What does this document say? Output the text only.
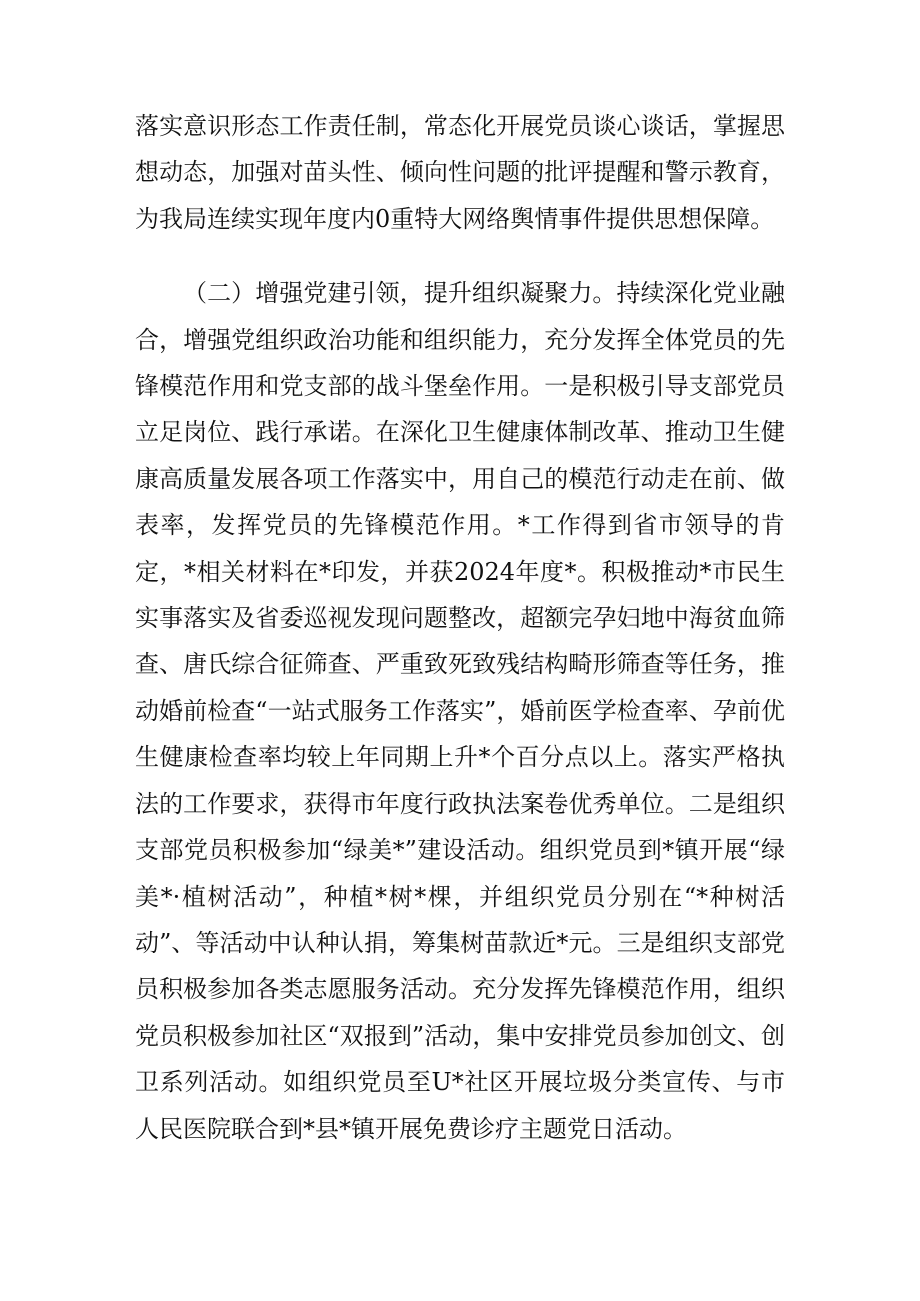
落实意识形态工作责任制，常态化开展党员谈心谈话，掌握思想动态，加强对苗头性、倾向性问题的批评提醒和警示教育，为我局连续实现年度内0重特大网络舆情事件提供思想保障。

（二）增强党建引领，提升组织凝聚力。持续深化党业融合，增强党组织政治功能和组织能力，充分发挥全体党员的先锋模范作用和党支部的战斗堡垒作用。一是积极引导支部党员立足岗位、践行承诺。在深化卫生健康体制改革、推动卫生健康高质量发展各项工作落实中，用自己的模范行动走在前、做表率，发挥党员的先锋模范作用。*工作得到省市领导的肯定，*相关材料在*印发，并获2024年度*。积极推动*市民生实事落实及省委巡视发现问题整改，超额完孕妇地中海贫血筛查、唐氏综合征筛查、严重致死致残结构畸形筛查等任务，推动婚前检查“一站式服务工作落实”，婚前医学检查率、孕前优生健康检查率均较上年同期上升*个百分点以上。落实严格执法的工作要求，获得市年度行政执法案卷优秀单位。二是组织支部党员积极参加“绿美*”建设活动。组织党员到*镇开展“绿美*·植树活动”，种植*树*棵，并组织党员分别在“*种树活动”、等活动中认种认捐，筹集树苗款近*元。三是组织支部党员积极参加各类志愿服务活动。充分发挥先锋模范作用，组织党员积极参加社区“双报到”活动，集中安排党员参加创文、创卫系列活动。如组织党员至U*社区开展垃圾分类宣传、与市人民医院联合到*县*镇开展免费诊疗主题党日活动。
